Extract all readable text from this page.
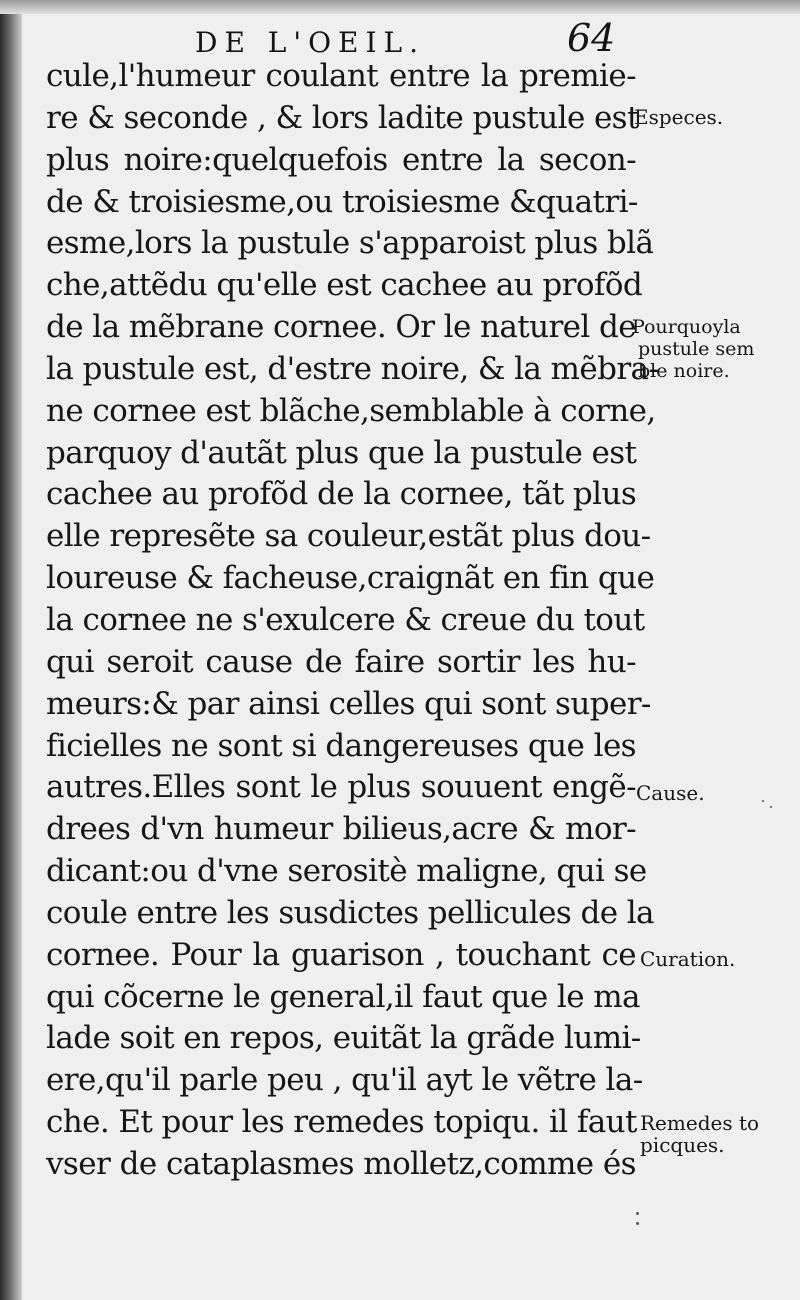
DE L'OEIL.	64
cule,l'humeur coulant entre la premie-
re & seconde , & lors ladite pustule est
plus noire:quelquefois entre la secon-
de & troisiesme,ou troisiesme &quatri-
esme,lors la pustule s'apparoist plus blã
che,attẽdu qu'elle est cachee au profõd
de la mẽbrane cornee. Or le naturel de
la pustule est, d'estre noire, & la mẽbra-
ne cornee est blãche,semblable à corne,
parquoy d'autãt plus que la pustule est
cachee au profõd de la cornee, tãt plus
elle represẽte sa couleur,estãt plus dou-
loureuse & facheuse,craignãt en fin que
la cornee ne s'exulcere & creue du tout
qui seroit cause de faire sortir les hu-
meurs:& par ainsi celles qui sont super-
ficielles ne sont si dangereuses que les
autres.Elles sont le plus souuent engẽ-
drees d'vn humeur bilieus,acre & mor-
dicant:ou d'vne serositè maligne, qui se
coule entre les susdictes pellicules de la
cornee. Pour la guarison , touchant ce
qui cõcerne le general,il faut que le ma
lade soit en repos, euitãt la grãde lumi-
ere,qu'il parle peu , qu'il ayt le vẽtre la-
che. Et pour les remedes topiqu. il faut
vser de cataplasmes molletz,comme és
Especes.
Pourquoyla
pustule sem
ble noire.
Cause.
Curation.
Remedes to
picques.
